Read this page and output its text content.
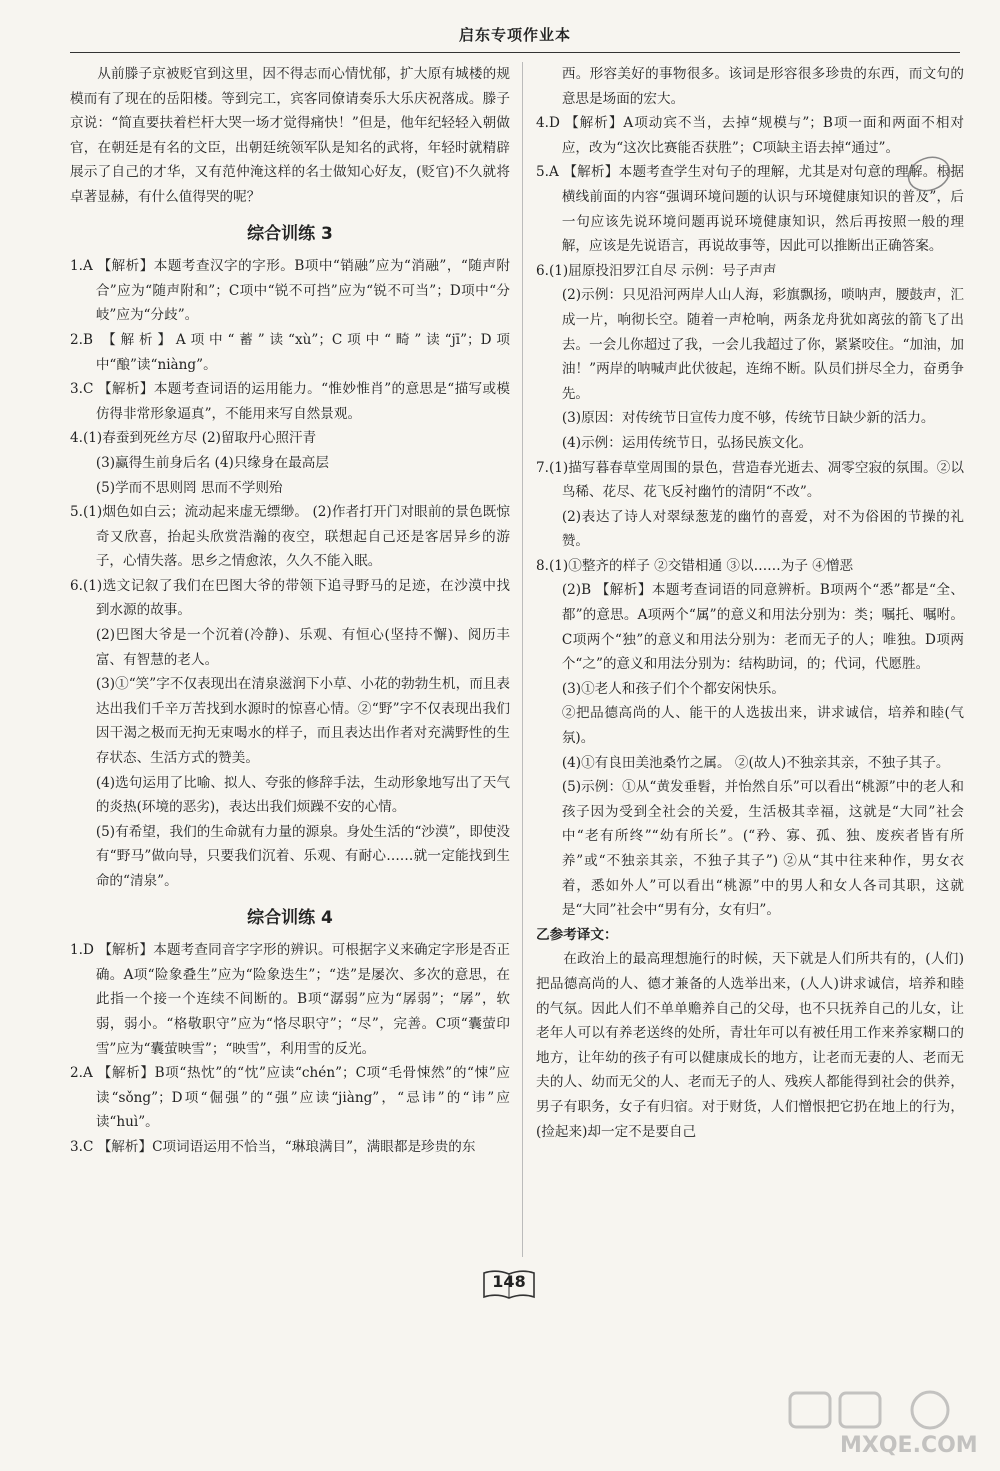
启东专项作业本

从前滕子京被贬官到这里，因不得志而心情忧郁，扩大原有城楼的规模而有了现在的岳阳楼。等到完工，宾客同僚请奏乐大乐庆祝落成。滕子京说：“简直要扶着栏杆大哭一场才觉得痛快！”但是，他年纪轻轻入朝做官，在朝廷是有名的文臣，出朝廷统领军队是知名的武将，年轻时就精辟展示了自己的才华，又有范仲淹这样的名士做知心好友，(贬官)不久就将卓著显赫，有什么值得哭的呢？

综合训练 3

1.A 【解析】本题考查汉字的字形。B项中“销融”应为“消融”，“随声附合”应为“随声附和”；C项中“锐不可挡”应为“锐不可当”；D项中“分岐”应为“分歧”。

2.B 【解析】A项中“蓄”读“xù”；C项中“畸”读“jī”；D项中“酿”读“niàng”。

3.C 【解析】本题考查词语的运用能力。“惟妙惟肖”的意思是“描写或模仿得非常形象逼真”，不能用来写自然景观。

4.(1)春蚕到死丝方尽 (2)留取丹心照汗青

(3)赢得生前身后名 (4)只缘身在最高层

(5)学而不思则罔 思而不学则殆

5.(1)烟色如白云；流动起来虚无缥缈。 (2)作者打开门对眼前的景色既惊奇又欣喜，抬起头欣赏浩瀚的夜空，联想起自己还是客居异乡的游子，心情失落。思乡之情愈浓，久久不能入眠。

6.(1)选文记叙了我们在巴图大爷的带领下追寻野马的足迹，在沙漠中找到水源的故事。

(2)巴图大爷是一个沉着(冷静)、乐观、有恒心(坚持不懈)、阅历丰富、有智慧的老人。

(3)①“笑”字不仅表现出在清泉滋润下小草、小花的勃勃生机，而且表达出我们千辛万苦找到水源时的惊喜心情。②“野”字不仅表现出我们因干渴之极而无拘无束喝水的样子，而且表达出作者对充满野性的生存状态、生活方式的赞美。

(4)选句运用了比喻、拟人、夸张的修辞手法，生动形象地写出了天气的炎热(环境的恶劣)，表达出我们烦躁不安的心情。

(5)有希望，我们的生命就有力量的源泉。身处生活的“沙漠”，即使没有“野马”做向导，只要我们沉着、乐观、有耐心……就一定能找到生命的“清泉”。

综合训练 4

1.D 【解析】本题考查同音字字形的辨识。可根据字义来确定字形是否正确。A项“险象叠生”应为“险象迭生”；“迭”是屡次、多次的意思，在此指一个接一个连续不间断的。B项“潺弱”应为“孱弱”；“孱”，软弱，弱小。“格敬职守”应为“恪尽职守”；“尽”，完善。C项“囊萤印雪”应为“囊萤映雪”；“映雪”，利用雪的反光。

2.A 【解析】B项“热忱”的“忱”应读“chén”；C项“毛骨悚然”的“悚”应读“sǒng”；D项“倔强”的“强”应读“jiàng”，“忌讳”的“讳”应读“huì”。

3.C 【解析】C项词语运用不恰当，“琳琅满目”，满眼都是珍贵的东

西。形容美好的事物很多。该词是形容很多珍贵的东西，而文句的意思是场面的宏大。

4.D 【解析】A项动宾不当，去掉“规模与”；B项一面和两面不相对应，改为“这次比赛能否获胜”；C项缺主语去掉“通过”。

5.A 【解析】本题考查学生对句子的理解，尤其是对句意的理解。根据横线前面的内容“强调环境问题的认识与环境健康知识的普及”，后一句应该先说环境问题再说环境健康知识，然后再按照一般的理解，应该是先说语言，再说故事等，因此可以推断出正确答案。

6.(1)屈原投汨罗江自尽 示例：号子声声

(2)示例：只见沿河两岸人山人海，彩旗飘扬，唢呐声，腰鼓声，汇成一片，响彻长空。随着一声枪响，两条龙舟犹如离弦的箭飞了出去。一会儿你超过了我，一会儿我超过了你，紧紧咬住。“加油，加油！”两岸的呐喊声此伏彼起，连绵不断。队员们拼尽全力，奋勇争先。

(3)原因：对传统节日宣传力度不够，传统节日缺少新的活力。

(4)示例：运用传统节日，弘扬民族文化。

7.(1)描写暮春草堂周围的景色，营造春光逝去、凋零空寂的氛围。②以鸟稀、花尽、花飞反衬幽竹的清阴“不改”。

(2)表达了诗人对翠绿葱茏的幽竹的喜爱，对不为俗困的节操的礼赞。

8.(1)①整齐的样子 ②交错相通 ③以……为子 ④憎恶

(2)B 【解析】本题考查词语的同意辨析。B项两个“悉”都是“全、都”的意思。A项两个“属”的意义和用法分别为：类；嘱托、嘱咐。C项两个“独”的意义和用法分别为：老而无子的人；唯独。D项两个“之”的意义和用法分别为：结构助词，的；代词，代愿胜。

(3)①老人和孩子们个个都安闲快乐。

②把品德高尚的人、能干的人选拔出来，讲求诚信，培养和睦(气氛)。

(4)①有良田美池桑竹之属。 ②(故人)不独亲其亲，不独子其子。

(5)示例：①从“黄发垂髫，并怡然自乐”可以看出“桃源”中的老人和孩子因为受到全社会的关爱，生活极其幸福，这就是“大同”社会中“老有所终”“幼有所长”。(“矜、寡、孤、独、废疾者皆有所养”或“不独亲其亲，不独子其子”) ②从“其中往来种作，男女衣着，悉如外人”可以看出“桃源”中的男人和女人各司其职，这就是“大同”社会中“男有分，女有归”。

乙参考译文：

在政治上的最高理想施行的时候，天下就是人们所共有的，(人们)把品德高尚的人、德才兼备的人选举出来，(人人)讲求诚信，培养和睦的气氛。因此人们不单单赡养自己的父母，也不只抚养自己的儿女，让老年人可以有养老送终的处所，青壮年可以有被任用工作来养家糊口的地方，让年幼的孩子有可以健康成长的地方，让老而无妻的人、老而无夫的人、幼而无父的人、老而无子的人、残疾人都能得到社会的供养，男子有职务，女子有归宿。对于财货，人们憎恨把它扔在地上的行为，(捡起来)却一定不是要自己

148
MXQE.COM
